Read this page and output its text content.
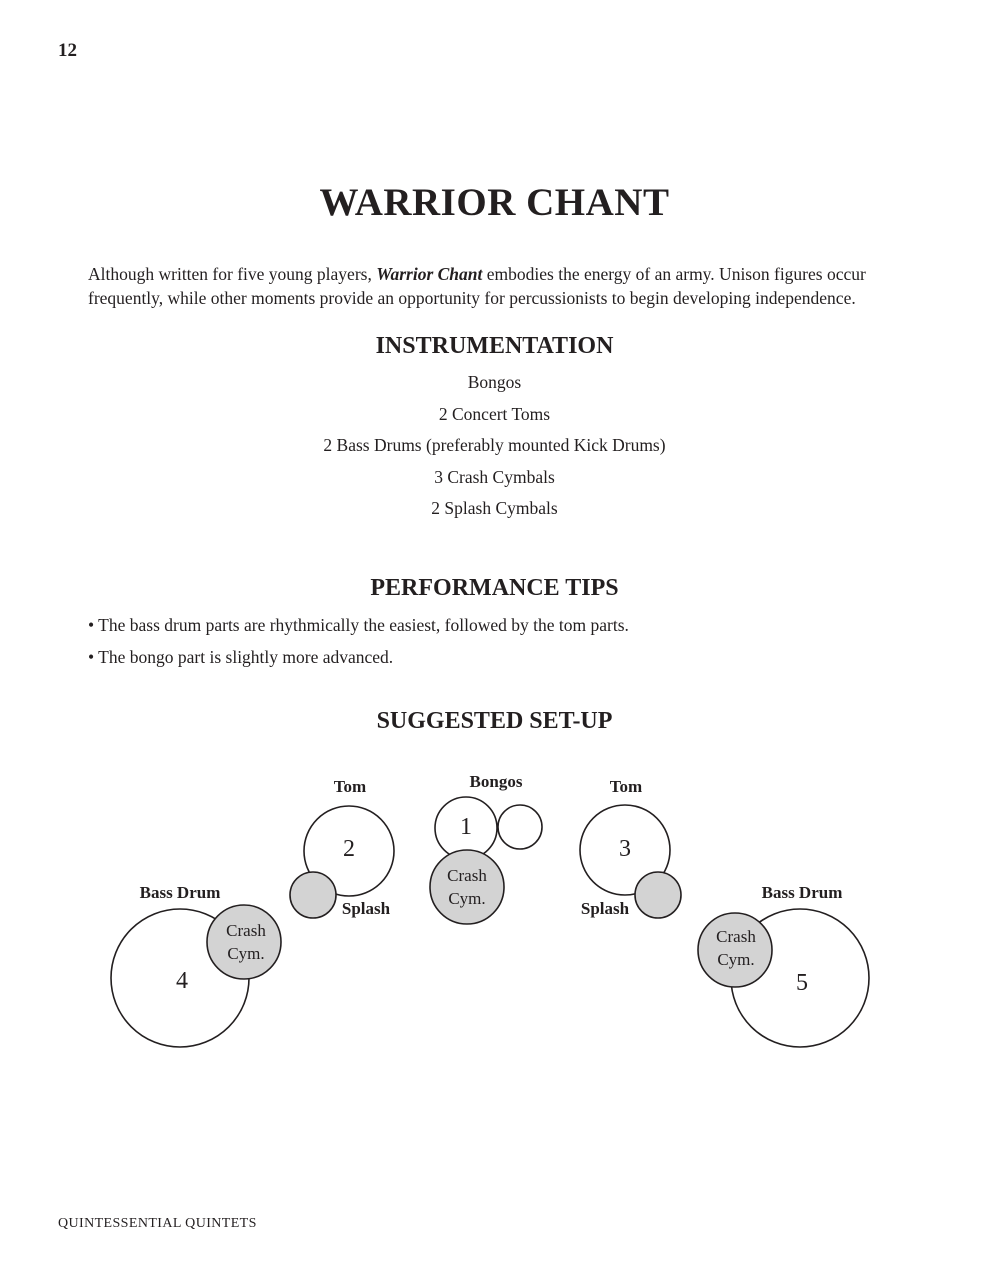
12
WARRIOR CHANT

Although written for five young players, Warrior Chant embodies the energy of an army. Unison figures occur frequently, while other moments provide an opportunity for percussionists to begin developing independence.

INSTRUMENTATION
Bongos
2 Concert Toms
2 Bass Drums (preferably mounted Kick Drums)
3 Crash Cymbals
2 Splash Cymbals
PERFORMANCE TIPS
• The bass drum parts are rhythmically the easiest, followed by the tom parts.
• The bongo part is slightly more advanced.
SUGGESTED SET-UP
Tom	Bongos	Tom
Bass Drum	Bass Drum
Splash	Splash
1
2	3
4	5
Crash
Cym.
Crash
Cym.
Crash
Cym.
QUINTESSENTIAL QUINTETS
